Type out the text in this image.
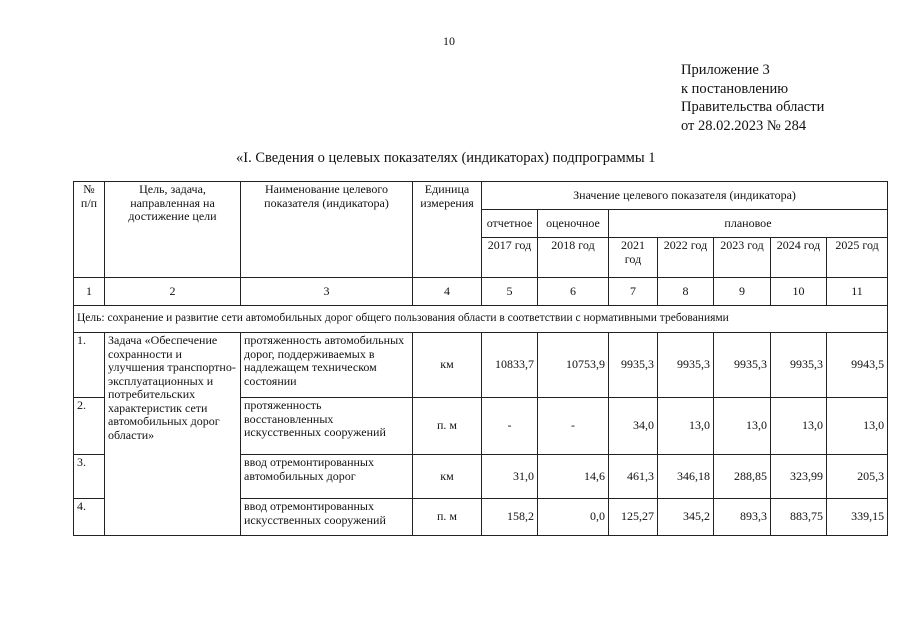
10
Приложение 3
к постановлению
Правительства области
от 28.02.2023 № 284
«I. Сведения о целевых показателях (индикаторах) подпрограммы 1
№ п/п	Цель, задача, направленная на достижение цели	Наименование целевого показателя (индикатора)	Единица измерения	Значение целевого показателя (индикатора)						
				отчетное	оценочное	плановое				
				2017 год	2018 год	2021 год	2022 год	2023 год	2024 год	2025 год
1	2	3	4	5	6	7	8	9	10	11
Цель: сохранение и развитие сети автомобильных дорог общего пользования области в соответствии с нормативными требованиями										
1.	Задача «Обеспечение сохранности и улучшения транспортно-эксплуатационных и потребительских характеристик сети автомобильных дорог области»	протяженность автомобильных дорог, поддерживаемых в надлежащем техническом состоянии	км	10833,7	10753,9	9935,3	9935,3	9935,3	9935,3	9943,5
2.		протяженность восстановленных искусственных сооружений	п. м	-	-	34,0	13,0	13,0	13,0	13,0
3.		ввод отремонтированных автомобильных дорог	км	31,0	14,6	461,3	346,18	288,85	323,99	205,3
4.		ввод отремонтированных искусственных сооружений	п. м	158,2	0,0	125,27	345,2	893,3	883,75	339,15
